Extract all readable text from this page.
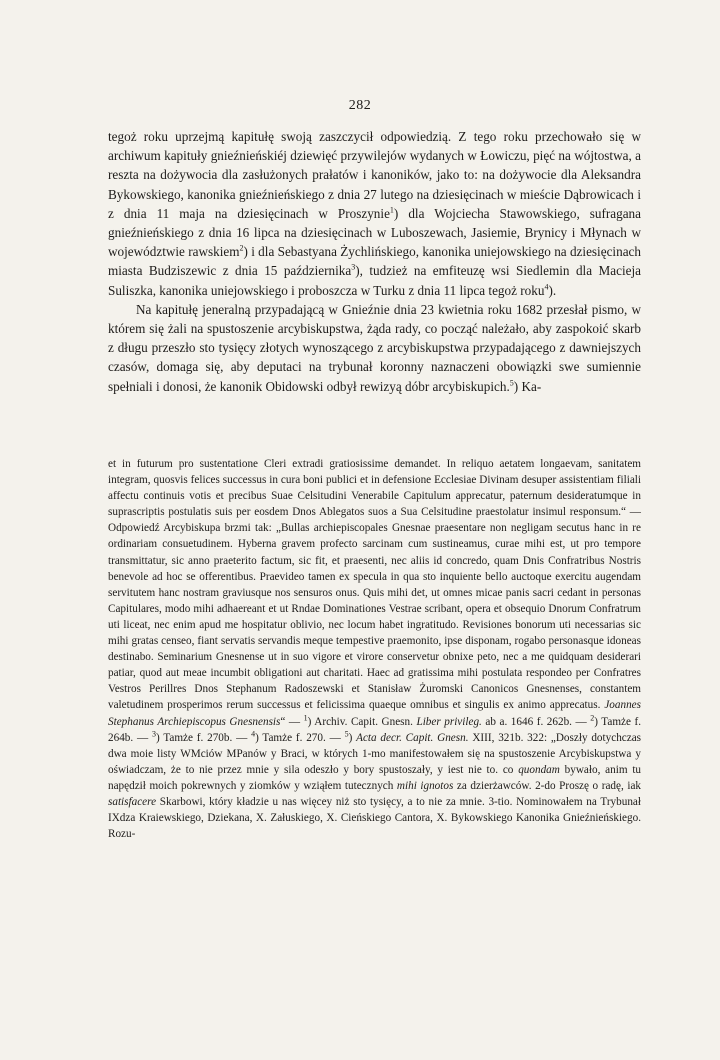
282

tegoż roku uprzejmą kapitułę swoją zaszczycił odpowiedzią. Z tego roku przechowało się w archiwum kapituły gnieźnieńskiéj dziewięć przywilejów wydanych w Łowiczu, pięć na wójtostwa, a reszta na dożywocia dla zasłużonych prałatów i kanoników, jako to: na dożywocie dla Aleksandra Bykowskiego, kanonika gnieźnieńskiego z dnia 27 lutego na dziesięcinach w mieście Dąbrowicach i z dnia 11 maja na dziesięcinach w Proszynie$^1$) dla Wojciecha Stawowskiego, sufragana gnieźnieńskiego z dnia 16 lipca na dziesięcinach w Luboszewach, Jasiemie, Brynicy i Młynach w województwie rawskiem$^2$) i dla Sebastyana Żychlińskiego, kanonika uniejowskiego na dziesięcinach miasta Budziszewic z dnia 15 października$^3$), tudzież na emfiteuzę wsi Siedlemin dla Macieja Suliszka, kanonika uniejowskiego i proboszcza w Turku z dnia 11 lipca tegoż roku$^4$).

Na kapitułę jeneralną przypadającą w Gnieźnie dnia 23 kwietnia roku 1682 przesłał pismo, w którem się żali na spustoszenie arcybiskupstwa, żąda rady, co począć należało, aby zaspokoić skarb z długu przeszło sto tysięcy złotych wynoszącego z arcybiskupstwa przypadającego z dawniejszych czasów, domaga się, aby deputaci na trybunał koronny naznaczeni obowiązki swe sumiennie spełniali i donosi, że kanonik Obidowski odbył rewizyą dóbr arcybiskupich.$^5$) Ka-

et in futurum pro sustentatione Cleri extradi gratiosissime demandet. In reliquo aetatem longaevam, sanitatem integram, quosvis felices successus in cura boni publici et in defensione Ecclesiae Divinam desuper assistentiam filiali affectu continuis votis et precibus Suae Celsitudini Venerabile Capitulum apprecatur, paternum desideratumque in suprascriptis postulatis suis per eosdem Dnos Ablegatos suos a Sua Celsitudine praestolatur insimul responsum.“ — Odpowiedź Arcybiskupa brzmi tak: „Bullas archiepiscopales Gnesnae praesentare non negligam secutus hanc in re ordinariam consuetudinem. Hyberna gravem profecto sarcinam cum sustineamus, curae mihi est, ut pro tempore transmittatur, sic anno praeterito factum, sic fit, et praesenti, nec aliis id concredo, quam Dnis Confratribus Nostris benevole ad hoc se offerentibus. Praevideo tamen ex specula in qua sto inquiente bello auctoque exercitu augendam servitutem hanc nostram graviusque nos sensuros onus. Quis mihi det, ut omnes micae panis sacri cedant in personas Capitulares, modo mihi adhaereant et ut Rndae Dominationes Vestrae scribant, opera et obsequio Dnorum Confratrum uti liceat, nec enim apud me hospitatur oblivio, nec locum habet ingratitudo. Revisiones bonorum uti necessarias sic mihi gratas censeo, fiant servatis servandis meque tempestive praemonito, ipse disponam, rogabo personasque idoneas destinabo. Seminarium Gnesnense ut in suo vigore et virore conservetur obnixe peto, nec a me quidquam desiderari patiar, quod aut meae incumbit obligationi aut charitati. Haec ad gratissima mihi postulata respondeo per Confratres Vestros Perillres Dnos Stephanum Radoszewski et Stanisław Żuromski Canonicos Gnesnenses, constantem valetudinem prosperimos rerum successus et felicissima quaeque omnibus et singulis ex animo apprecatus. Joannes Stephanus Archiepiscopus Gnesnensis“ — $^1$) Archiv. Capit. Gnesn. Liber privileg. ab a. 1646 f. 262b. — $^2$) Tamże f. 264b. — $^3$) Tamże f. 270b. — $^4$) Tamże f. 270. — $^5$) Acta decr. Capit. Gnesn. XIII, 321b. 322: „Doszły dotychczas dwa moie listy WMciów MPanów y Braci, w których 1-mo manifestowałem się na spustoszenie Arcybiskupstwa y oświadczam, że to nie przez mnie y sila odeszło y bory spustoszały, y iest nie to. co quondam bywało, anim tu napędził moich pokrewnych y ziomków y wziąłem tutecznych mihi ignotos za dzierżawców. 2-do Proszę o radę, iak satisfacere Skarbowi, który kładzie u nas więcey niż sto tysięcy, a to nie za mnie. 3-tio. Nominowałem na Trybunał IXdza Kraiewskiego, Dziekana, X. Załuskiego, X. Cieńskiego Cantora, X. Bykowskiego Kanonika Gnieźnieńskiego. Rozu-
